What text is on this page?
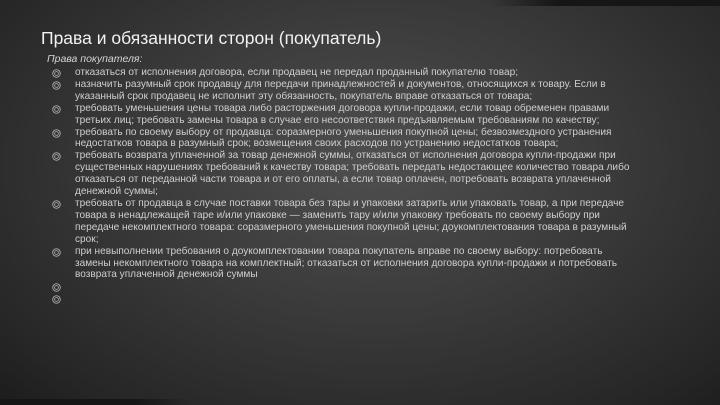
Права и обязанности сторон (покупатель)
Права покупателя:
отказаться от исполнения договора, если продавец не передал проданный покупателю товар;
назначить разумный срок продавцу для передачи принадлежностей и документов, относящихся к товару. Если в указанный срок продавец не исполнит эту обязанность, покупатель вправе отказаться от товара;
требовать уменьшения цены товара либо расторжения договора купли-продажи, если товар обременен правами третьих лиц; требовать замены товара в случае его несоответствия предъявляемым требованиям по качеству;
требовать по своему выбору от продавца: соразмерного уменьшения покупной цены; безвозмездного устранения недостатков товара в разумный срок; возмещения своих расходов по устранению недостатков товара;
требовать возврата уплаченной за товар денежной суммы, отказаться от исполнения договора купли-продажи при существенных нарушениях требований к качеству товара; требовать передать недостающее количество товара либо отказаться от переданной части товара и от его оплаты, а если товар оплачен, потребовать возврата уплаченной денежной суммы;
требовать от продавца в случае поставки товара без тары и упаковки затарить или упаковать товар, а при передаче товара в ненадлежащей таре и/или упаковке — заменить тару и/или упаковку требовать по своему выбору при передаче некомплектного товара: соразмерного уменьшения покупной цены; доукомплектования товара в разумный срок;
при невыполнении требования о доукомплектовании товара покупатель вправе по своему выбору: потребовать замены некомплектного товара на комплектный; отказаться от исполнения договора купли-продажи и потребовать возврата уплаченной денежной суммы
